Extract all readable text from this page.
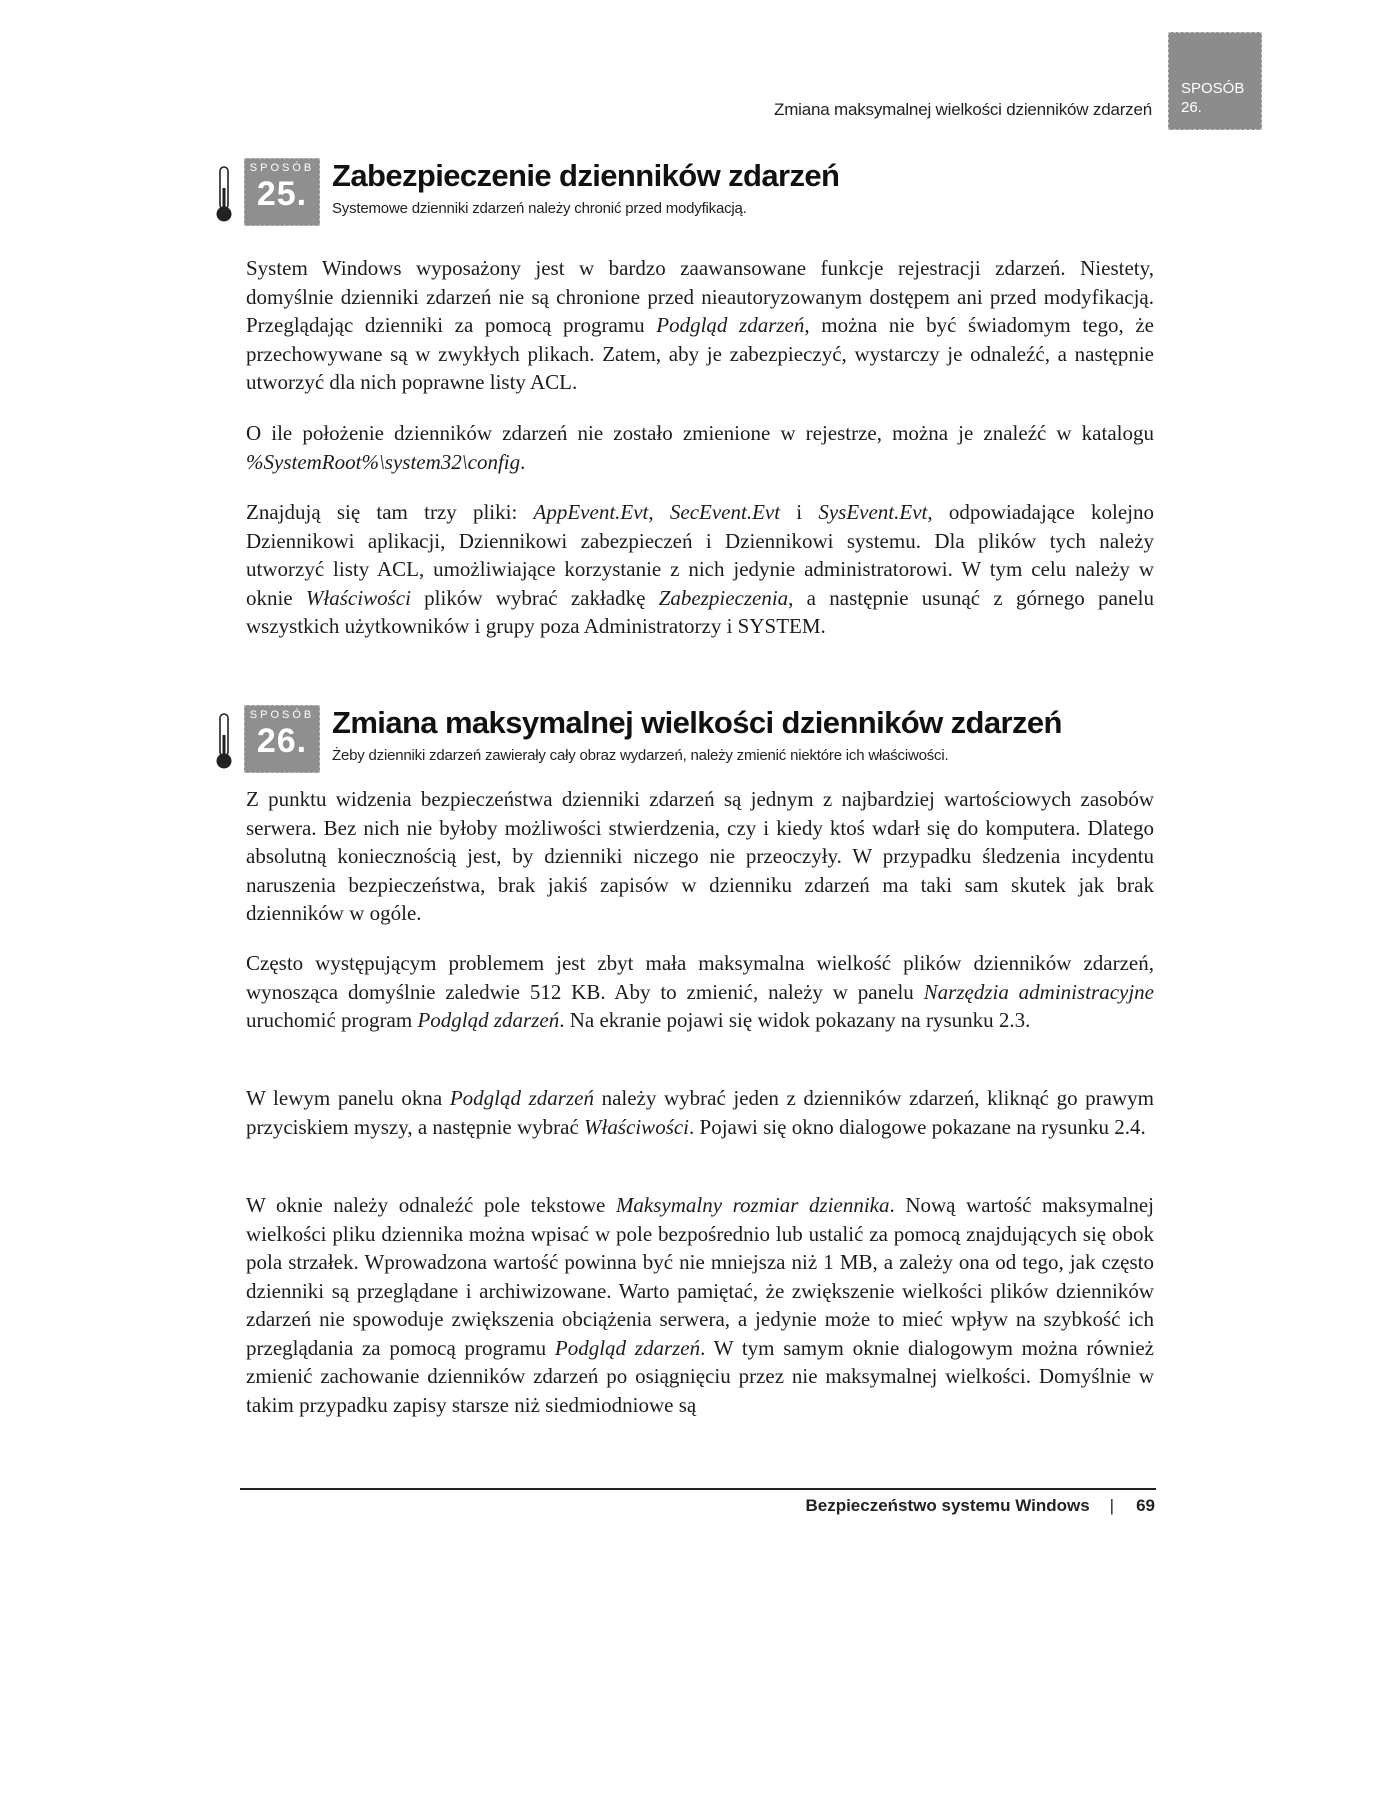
SPOSÓB
26.
Zmiana maksymalnej wielkości dzienników zdarzeń
SPOSÓB
25. Zabezpieczenie dzienników zdarzeń
Systemowe dzienniki zdarzeń należy chronić przed modyfikacją.
System Windows wyposażony jest w bardzo zaawansowane funkcje rejestracji zdarzeń. Niestety, domyślnie dzienniki zdarzeń nie są chronione przed nieautoryzowanym dostępem ani przed modyfikacją. Przeglądając dzienniki za pomocą programu Podgląd zdarzeń, można nie być świadomym tego, że przechowywane są w zwykłych plikach. Zatem, aby je zabezpieczyć, wystarczy je odnaleźć, a następnie utworzyć dla nich poprawne listy ACL.
O ile położenie dzienników zdarzeń nie zostało zmienione w rejestrze, można je znaleźć w katalogu %SystemRoot%\system32\config.
Znajdują się tam trzy pliki: AppEvent.Evt, SecEvent.Evt i SysEvent.Evt, odpowiadające kolejno Dziennikowi aplikacji, Dziennikowi zabezpieczeń i Dziennikowi systemu. Dla plików tych należy utworzyć listy ACL, umożliwiające korzystanie z nich jedynie administratorowi. W tym celu należy w oknie Właściwości plików wybrać zakładkę Zabezpieczenia, a następnie usunąć z górnego panelu wszystkich użytkowników i grupy poza Administratorzy i SYSTEM.
SPOSÓB
26. Zmiana maksymalnej wielkości dzienników zdarzeń
Żeby dzienniki zdarzeń zawierały cały obraz wydarzeń, należy zmienić niektóre ich właściwości.
Z punktu widzenia bezpieczeństwa dzienniki zdarzeń są jednym z najbardziej wartościowych zasobów serwera. Bez nich nie byłoby możliwości stwierdzenia, czy i kiedy ktoś wdarł się do komputera. Dlatego absolutną koniecznością jest, by dzienniki niczego nie przeoczyły. W przypadku śledzenia incydentu naruszenia bezpieczeństwa, brak jakiś zapisów w dzienniku zdarzeń ma taki sam skutek jak brak dzienników w ogóle.
Często występującym problemem jest zbyt mała maksymalna wielkość plików dzienników zdarzeń, wynosząca domyślnie zaledwie 512 KB. Aby to zmienić, należy w panelu Narzędzia administracyjne uruchomić program Podgląd zdarzeń. Na ekranie pojawi się widok pokazany na rysunku 2.3.
W lewym panelu okna Podgląd zdarzeń należy wybrać jeden z dzienników zdarzeń, kliknąć go prawym przyciskiem myszy, a następnie wybrać Właściwości. Pojawi się okno dialogowe pokazane na rysunku 2.4.
W oknie należy odnaleźć pole tekstowe Maksymalny rozmiar dziennika. Nową wartość maksymalnej wielkości pliku dziennika można wpisać w pole bezpośrednio lub ustalić za pomocą znajdujących się obok pola strzałek. Wprowadzona wartość powinna być nie mniejsza niż 1 MB, a zależy ona od tego, jak często dzienniki są przeglądane i archiwizowane. Warto pamiętać, że zwiększenie wielkości plików dzienników zdarzeń nie spowoduje zwiększenia obciążenia serwera, a jedynie może to mieć wpływ na szybkość ich przeglądania za pomocą programu Podgląd zdarzeń. W tym samym oknie dialogowym można również zmienić zachowanie dzienników zdarzeń po osiągnięciu przez nie maksymalnej wielkości. Domyślnie w takim przypadku zapisy starsze niż siedmiodniowe są
Bezpieczeństwo systemu Windows | 69
